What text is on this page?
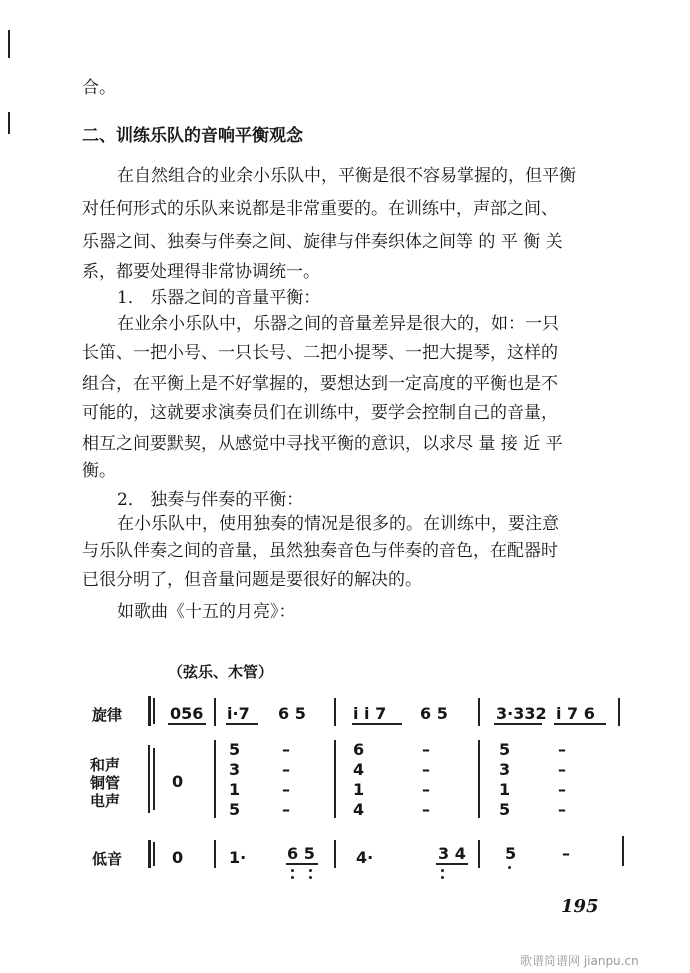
合。
二、训练乐队的音响平衡观念
在自然组合的业余小乐队中，平衡是很不容易掌握的，但平衡
对任何形式的乐队来说都是非常重要的。在训练中，声部之间、
乐器之间、独奏与伴奏之间、旋律与伴奏织体之间等 的 平 衡 关
系，都要处理得非常协调统一。
1． 乐器之间的音量平衡：
在业余小乐队中，乐器之间的音量差异是很大的，如：一只
长笛、一把小号、一只长号、二把小提琴、一把大提琴，这样的
组合，在平衡上是不好掌握的，要想达到一定高度的平衡也是不
可能的，这就要求演奏员们在训练中，要学会控制自己的音量，
相互之间要默契，从感觉中寻找平衡的意识，以求尽 量 接 近 平
衡。
2． 独奏与伴奏的平衡：
在小乐队中，使用独奏的情况是很多的。在训练中，要注意
与乐队伴奏之间的音量，虽然独奏音色与伴奏的音色，在配器时
已很分明了，但音量问题是要很好的解决的。
如歌曲《十五的月亮》：
（弦乐、木管）
旋律
和声
铜管
电声
低音
056 i·7 6 5	i i 7 6 5	3·332 i 7 6
0
5
3
1
5
–
–
–
–
6
4
1
4
–
–
–
–
5
3
1
5
–
–
–
–
0	1·	6 5	4·	3 4 5	–
195
歌谱简谱网 jianpu.cn
